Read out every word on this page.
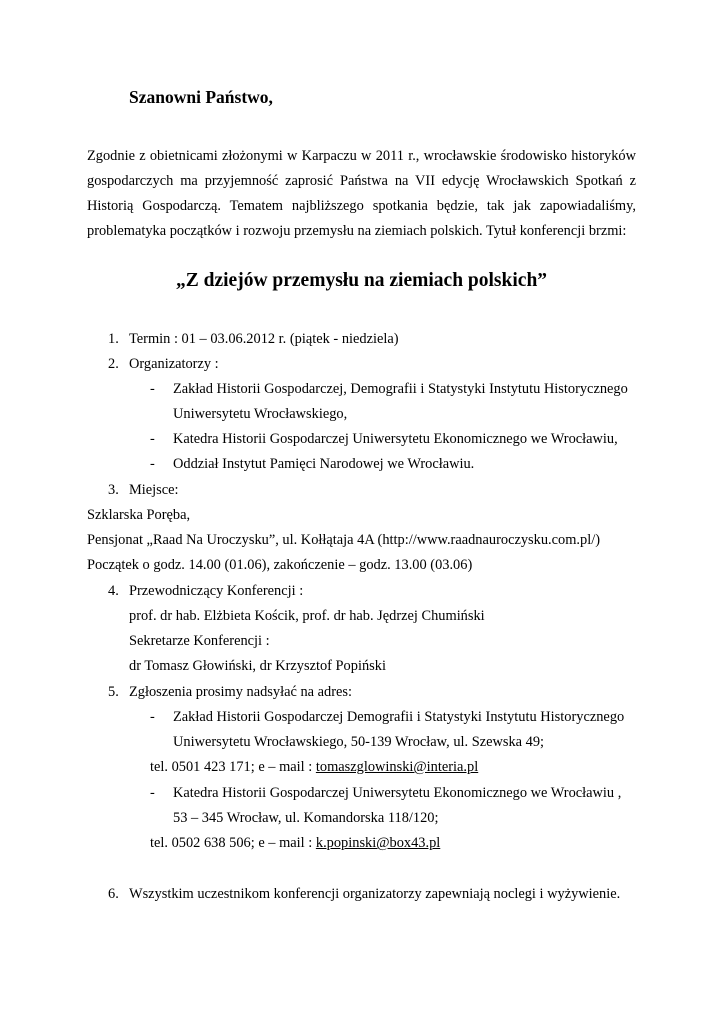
Szanowni Państwo,
Zgodnie z obietnicami złożonymi w Karpaczu w 2011 r., wrocławskie środowisko historyków
gospodarczych ma przyjemność zaprosić Państwa na VII edycję Wrocławskich Spotkań z
Historią Gospodarczą. Tematem najbliższego spotkania będzie, tak jak zapowiadaliśmy,
problematyka początków i rozwoju przemysłu na ziemiach polskich. Tytuł konferencji brzmi:
„Z dziejów przemysłu na ziemiach polskich”
1. Termin : 01 – 03.06.2012 r. (piątek - niedziela)
2. Organizatorzy :
- Zakład Historii Gospodarczej, Demografii i Statystyki Instytutu Historycznego
Uniwersytetu Wrocławskiego,
- Katedra Historii Gospodarczej Uniwersytetu Ekonomicznego we Wrocławiu,
- Oddział Instytut Pamięci Narodowej we Wrocławiu.
3. Miejsce:
Szklarska Poręba,
Pensjonat „Raad Na Uroczysku”, ul. Kołłątaja 4A (http://www.raadnauroczysku.com.pl/)
Początek o godz. 14.00 (01.06), zakończenie – godz. 13.00 (03.06)
4. Przewodniczący Konferencji :
prof. dr hab. Elżbieta Kościk, prof. dr hab. Jędrzej Chumiński
Sekretarze Konferencji :
dr Tomasz Głowiński, dr Krzysztof Popiński
5. Zgłoszenia prosimy nadsyłać na adres:
- Zakład Historii Gospodarczej Demografii i Statystyki Instytutu Historycznego
Uniwersytetu Wrocławskiego, 50-139 Wrocław, ul. Szewska 49;
tel. 0501 423 171; e – mail : tomaszglowinski@interia.pl
- Katedra Historii Gospodarczej Uniwersytetu Ekonomicznego we Wrocławiu ,
53 – 345 Wrocław, ul. Komandorska 118/120;
tel. 0502 638 506; e – mail : k.popinski@box43.pl
6. Wszystkim uczestnikom konferencji organizatorzy zapewniają noclegi i wyżywienie.
